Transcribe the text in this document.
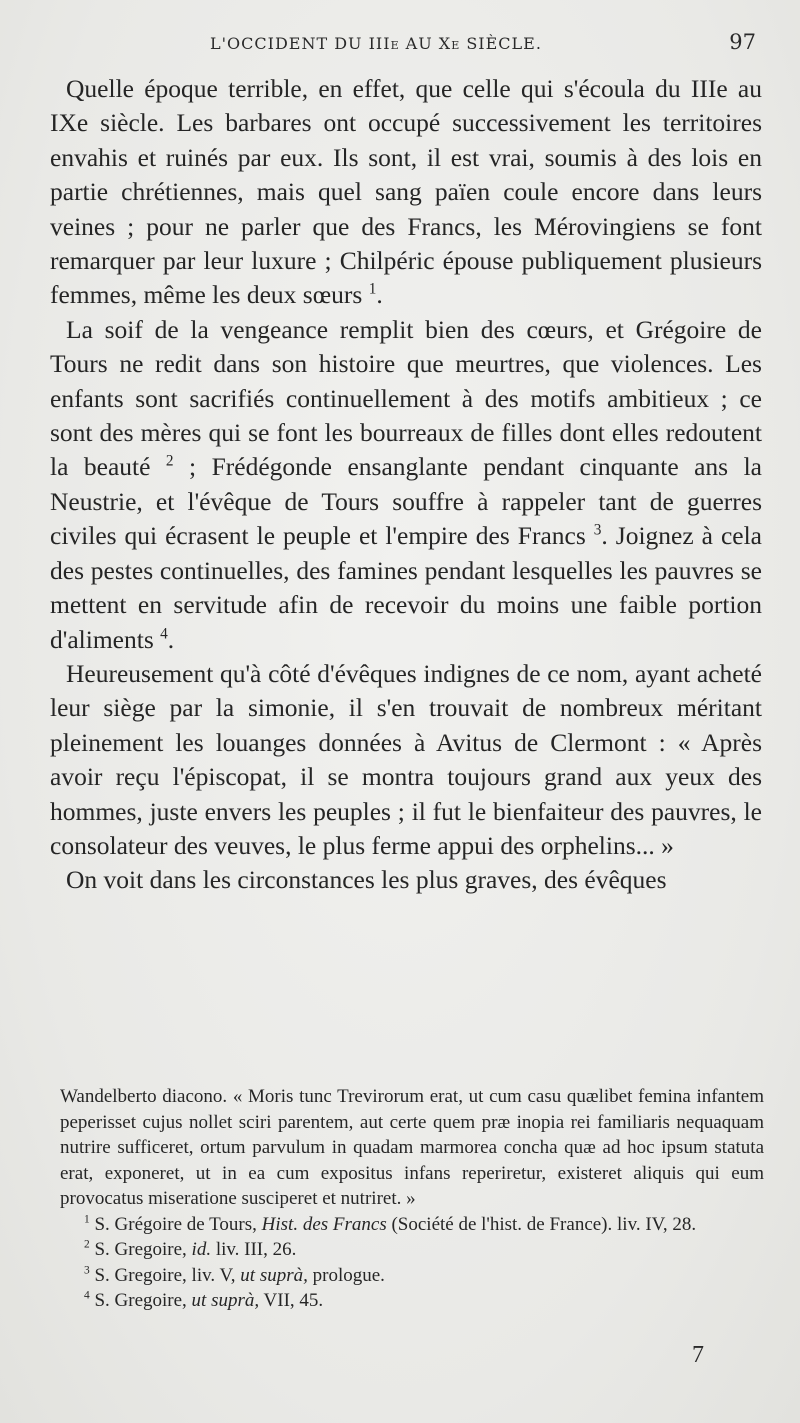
L'OCCIDENT DU IIIe AU Xe SIÈCLE.	97

Quelle époque terrible, en effet, que celle qui s'écoula du IIIe au IXe siècle. Les barbares ont occupé successivement les territoires envahis et ruinés par eux. Ils sont, il est vrai, soumis à des lois en partie chrétiennes, mais quel sang païen coule encore dans leurs veines ; pour ne parler que des Francs, les Mérovingiens se font remarquer par leur luxure ; Chilpéric épouse publiquement plusieurs femmes, même les deux sœurs $^1$.

La soif de la vengeance remplit bien des cœurs, et Grégoire de Tours ne redit dans son histoire que meurtres, que violences. Les enfants sont sacrifiés continuellement à des motifs ambitieux ; ce sont des mères qui se font les bourreaux de filles dont elles redoutent la beauté $^2$ ; Frédégonde ensanglante pendant cinquante ans la Neustrie, et l'évêque de Tours souffre à rappeler tant de guerres civiles qui écrasent le peuple et l'empire des Francs $^3$. Joignez à cela des pestes continuelles, des famines pendant lesquelles les pauvres se mettent en servitude afin de recevoir du moins une faible portion d'aliments $^4$.

Heureusement qu'à côté d'évêques indignes de ce nom, ayant acheté leur siège par la simonie, il s'en trouvait de nombreux méritant pleinement les louanges données à Avitus de Clermont : « Après avoir reçu l'épiscopat, il se montra toujours grand aux yeux des hommes, juste envers les peuples ; il fut le bienfaiteur des pauvres, le consolateur des veuves, le plus ferme appui des orphelins... »

On voit dans les circonstances les plus graves, des évêques

Wandelberto diacono. « Moris tunc Trevirorum erat, ut cum casu quælibet femina infantem peperisset cujus nollet sciri parentem, aut certe quem præ inopia rei familiaris nequaquam nutrire sufficeret, ortum parvulum in quadam marmorea concha quæ ad hoc ipsum statuta erat, exponeret, ut in ea cum expositus infans reperiretur, existeret aliquis qui eum provocatus miseratione susciperet et nutriret. »

$^1$ S. Grégoire de Tours, Hist. des Francs (Société de l'hist. de France). liv. IV, 28.

$^2$ S. Gregoire, id. liv. III, 26.

$^3$ S. Gregoire, liv. V, ut suprà, prologue.

$^4$ S. Gregoire, ut suprà, VII, 45.

7
